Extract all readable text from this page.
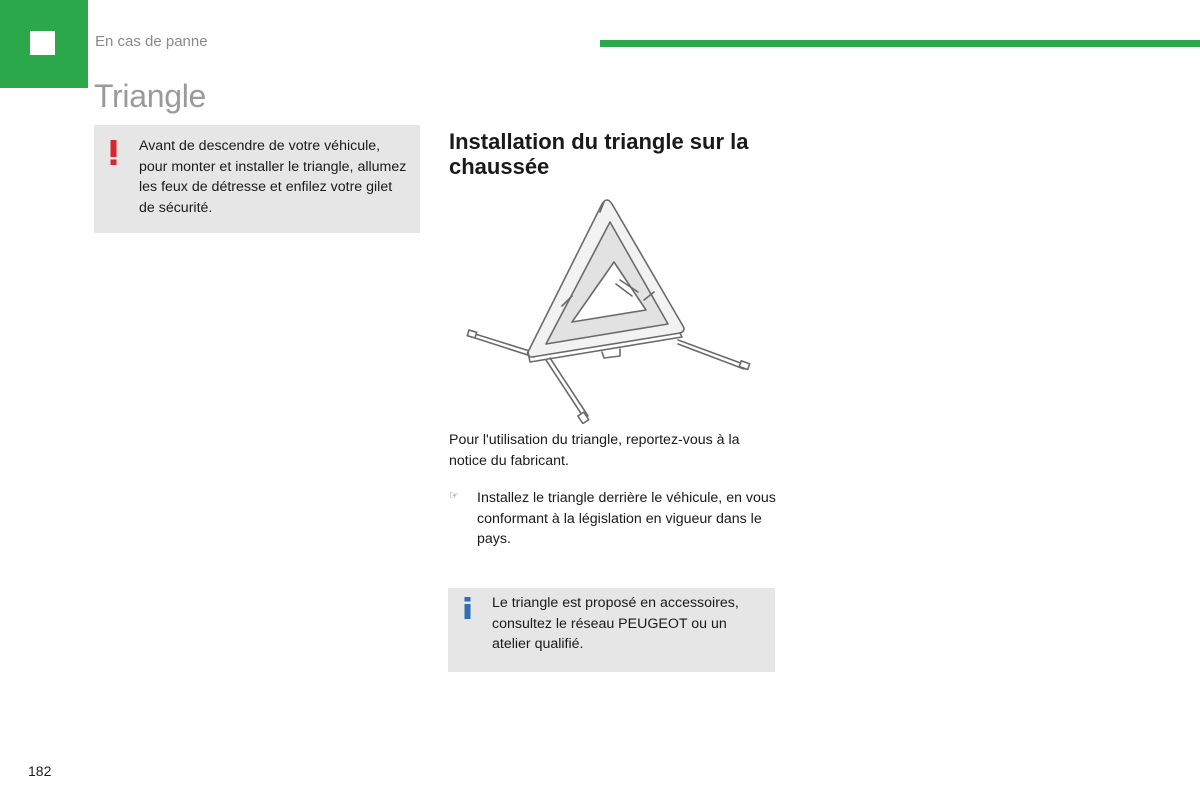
En cas de panne
Triangle
Avant de descendre de votre véhicule, pour monter et installer le triangle, allumez les feux de détresse et enfilez votre gilet de sécurité.
Installation du triangle sur la chaussée
Pour l'utilisation du triangle, reportez-vous à la notice du fabricant.
☞ Installez le triangle derrière le véhicule, en vous conformant à la législation en vigueur dans le pays.
Le triangle est proposé en accessoires, consultez le réseau PEUGEOT ou un atelier qualifié.
182
